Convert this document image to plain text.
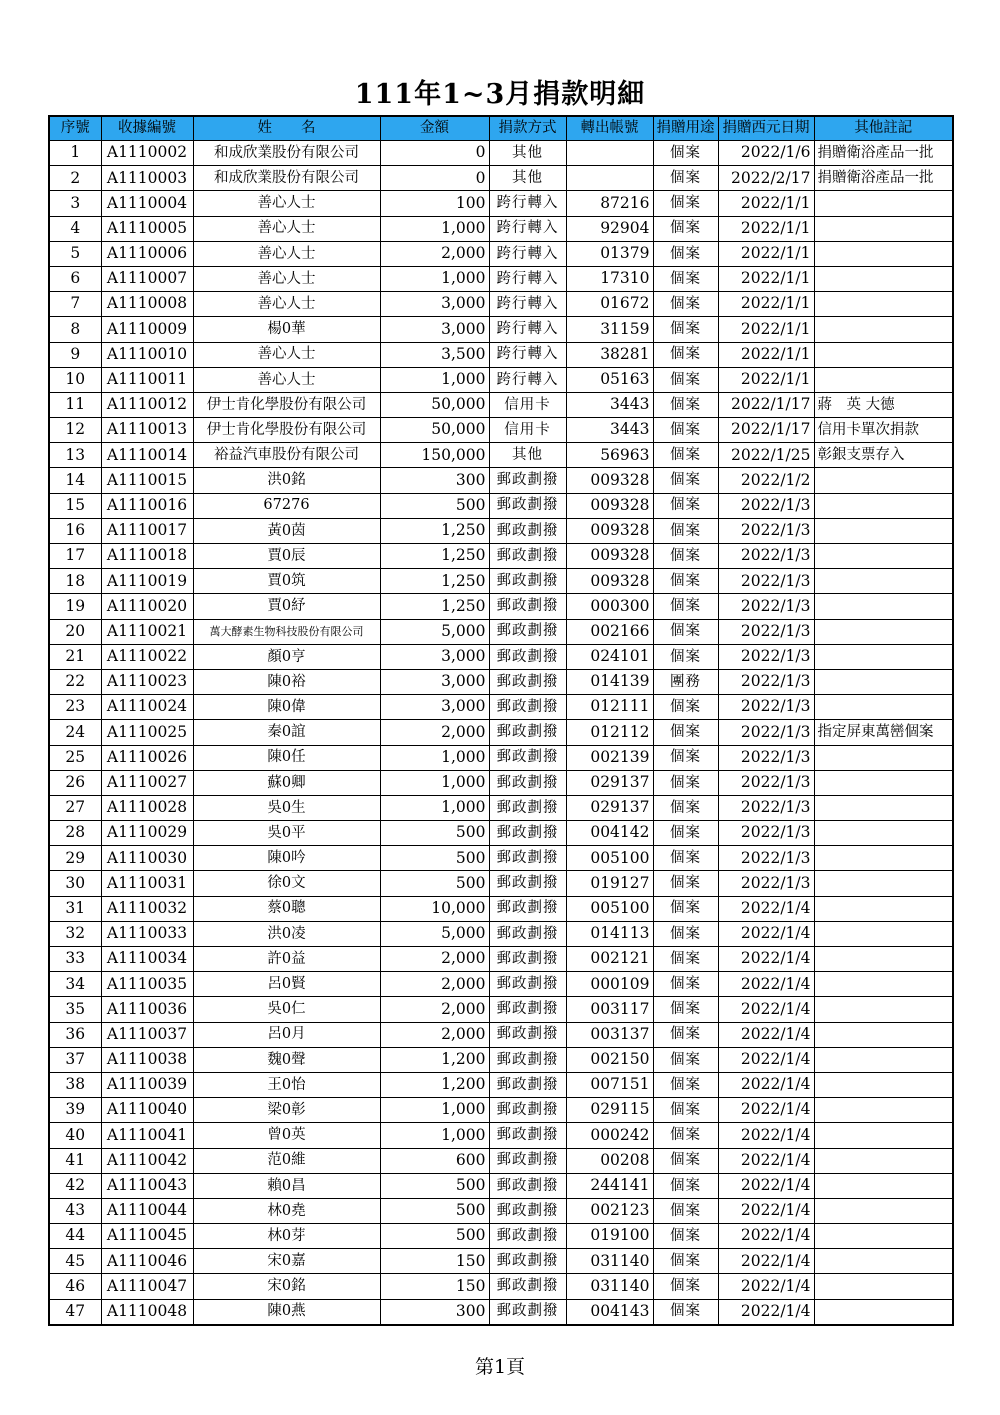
111年1~3月捐款明細
序號	收據編號	姓　　名	金額	捐款方式	轉出帳號	捐贈用途	捐贈西元日期	其他註記
1	A1110002	和成欣業股份有限公司	0	其他		個案	2022/1/6	捐贈衛浴產品一批
2	A1110003	和成欣業股份有限公司	0	其他		個案	2022/2/17	捐贈衛浴產品一批
3	A1110004	善心人士	100	跨行轉入	87216	個案	2022/1/1	
4	A1110005	善心人士	1,000	跨行轉入	92904	個案	2022/1/1	
5	A1110006	善心人士	2,000	跨行轉入	01379	個案	2022/1/1	
6	A1110007	善心人士	1,000	跨行轉入	17310	個案	2022/1/1	
7	A1110008	善心人士	3,000	跨行轉入	01672	個案	2022/1/1	
8	A1110009	楊0華	3,000	跨行轉入	31159	個案	2022/1/1	
9	A1110010	善心人士	3,500	跨行轉入	38281	個案	2022/1/1	
10	A1110011	善心人士	1,000	跨行轉入	05163	個案	2022/1/1	
11	A1110012	伊士肯化學股份有限公司	50,000	信用卡	3443	個案	2022/1/17	蔣　英 大德
12	A1110013	伊士肯化學股份有限公司	50,000	信用卡	3443	個案	2022/1/17	信用卡單次捐款
13	A1110014	裕益汽車股份有限公司	150,000	其他	56963	個案	2022/1/25	彰銀支票存入
14	A1110015	洪0銘	300	郵政劃撥	009328	個案	2022/1/2	
15	A1110016	67276	500	郵政劃撥	009328	個案	2022/1/3	
16	A1110017	黃0茵	1,250	郵政劃撥	009328	個案	2022/1/3	
17	A1110018	賈0辰	1,250	郵政劃撥	009328	個案	2022/1/3	
18	A1110019	賈0筑	1,250	郵政劃撥	009328	個案	2022/1/3	
19	A1110020	賈0紓	1,250	郵政劃撥	000300	個案	2022/1/3	
20	A1110021	萬大酵素生物科技股份有限公司	5,000	郵政劃撥	002166	個案	2022/1/3	
21	A1110022	顏0亨	3,000	郵政劃撥	024101	個案	2022/1/3	
22	A1110023	陳0裕	3,000	郵政劃撥	014139	團務	2022/1/3	
23	A1110024	陳0偉	3,000	郵政劃撥	012111	個案	2022/1/3	
24	A1110025	秦0誼	2,000	郵政劃撥	012112	個案	2022/1/3	指定屏東萬巒個案
25	A1110026	陳0任	1,000	郵政劃撥	002139	個案	2022/1/3	
26	A1110027	蘇0卿	1,000	郵政劃撥	029137	個案	2022/1/3	
27	A1110028	吳0生	1,000	郵政劃撥	029137	個案	2022/1/3	
28	A1110029	吳0平	500	郵政劃撥	004142	個案	2022/1/3	
29	A1110030	陳0吟	500	郵政劃撥	005100	個案	2022/1/3	
30	A1110031	徐0文	500	郵政劃撥	019127	個案	2022/1/3	
31	A1110032	蔡0聰	10,000	郵政劃撥	005100	個案	2022/1/4	
32	A1110033	洪0凌	5,000	郵政劃撥	014113	個案	2022/1/4	
33	A1110034	許0益	2,000	郵政劃撥	002121	個案	2022/1/4	
34	A1110035	呂0賢	2,000	郵政劃撥	000109	個案	2022/1/4	
35	A1110036	吳0仁	2,000	郵政劃撥	003117	個案	2022/1/4	
36	A1110037	呂0月	2,000	郵政劃撥	003137	個案	2022/1/4	
37	A1110038	魏0聲	1,200	郵政劃撥	002150	個案	2022/1/4	
38	A1110039	王0怡	1,200	郵政劃撥	007151	個案	2022/1/4	
39	A1110040	梁0彰	1,000	郵政劃撥	029115	個案	2022/1/4	
40	A1110041	曾0英	1,000	郵政劃撥	000242	個案	2022/1/4	
41	A1110042	范0維	600	郵政劃撥	00208	個案	2022/1/4	
42	A1110043	賴0昌	500	郵政劃撥	244141	個案	2022/1/4	
43	A1110044	林0堯	500	郵政劃撥	002123	個案	2022/1/4	
44	A1110045	林0芽	500	郵政劃撥	019100	個案	2022/1/4	
45	A1110046	宋0嘉	150	郵政劃撥	031140	個案	2022/1/4	
46	A1110047	宋0銘	150	郵政劃撥	031140	個案	2022/1/4	
47	A1110048	陳0燕	300	郵政劃撥	004143	個案	2022/1/4	
第1頁
